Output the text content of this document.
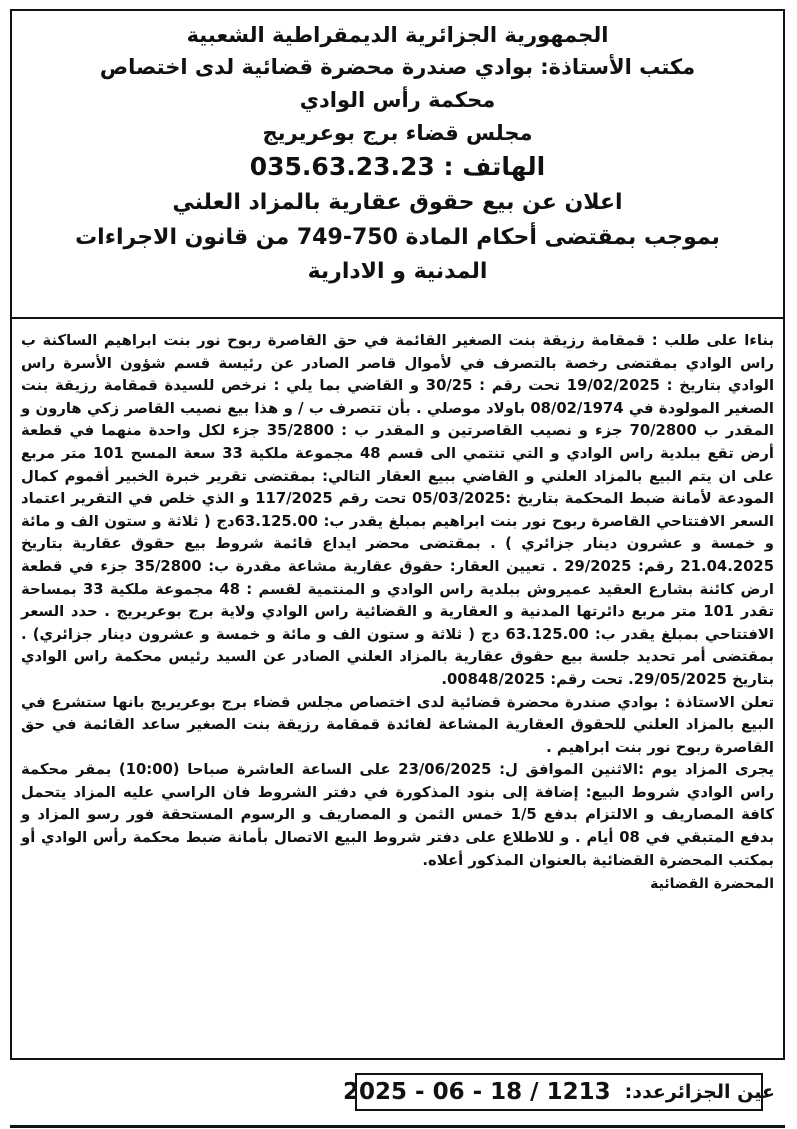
الجمهورية الجزائرية الديمقراطية الشعبية
مكتب الأستاذة: بوادي صندرة محضرة قضائية لدى اختصاص
محكمة رأس الوادي
مجلس قضاء برج بوعريريج
الهاتف : 035.63.23.23
اعلان عن بيع حقوق عقارية بالمزاد العلني
بموجب بمقتضى أحكام المادة 750-749 من قانون الاجراءات
المدنية و الادارية

بناءا على طلب : قمقامة رزيقة بنت الصغير القائمة في حق القاصرة ربوح نور بنت ابراهيم الساكنة ب راس الوادي بمقتضى رخصة بالتصرف في لأموال قاصر الصادر عن رئيسة قسم شؤون الأسرة راس الوادي بتاريخ : 19/02/2025 تحت رقم : 30/25 و القاضي بما يلي : نرخص للسيدة قمقامة رزيقة بنت الصغير المولودة في 08/02/1974 باولاد موصلي . بأن تتصرف ب / و هذا بيع نصيب القاصر زكي هارون و المقدر ب 70/2800 جزء و نصيب القاصرتين و المقدر ب : 35/2800 جزء لكل واحدة منهما في قطعة أرض تقع ببلدية راس الوادي و التي تنتمي الى قسم 48 مجموعة ملكية 33 سعة المسح 101 متر مربع على ان يتم البيع بالمزاد العلني و القاضي ببيع العقار التالي: بمقتضى تقرير خبرة الخبير أقموم كمال المودعة لأمانة ضبط المحكمة بتاريخ :05/03/2025 تحت رقم 117/2025 و الذي خلص في التقرير اعتماد السعر الافتتاحي القاصرة ربوح نور بنت ابراهيم بمبلغ يقدر ب: 63.125.00دج ( ثلاثة و ستون الف و مائة و خمسة و عشرون دينار جزائري ) . بمقتضى محضر ايداع قائمة شروط بيع حقوق عقارية بتاريخ 21.04.2025 رقم: 29/2025 . تعيين العقار: حقوق عقارية مشاعة مقدرة ب: 35/2800 جزء في قطعة ارض كائنة بشارع العقيد عميروش ببلدية راس الوادي و المنتمية لقسم : 48 مجموعة ملكية 33 بمساحة تقدر 101 متر مربع دائرتها المدنية و العقارية و القضائية راس الوادي ولاية برج بوعريريج . حدد السعر الافتتاحي بمبلغ يقدر ب: 63.125.00 دج ( ثلاثة و ستون الف و مائة و خمسة و عشرون دينار جزائري) . بمقتضى أمر تحديد جلسة بيع حقوق عقارية بالمزاد العلني الصادر عن السيد رئيس محكمة راس الوادي بتاريخ 29/05/2025. تحت رقم: 00848/2025.

تعلن الاستاذة : بوادي صندرة محضرة قضائية لدى اختصاص مجلس قضاء برج بوعريريج بانها ستشرع في البيع بالمزاد العلني للحقوق العقارية المشاعة لفائدة قمقامة رزيقة بنت الصغير ساعد القائمة في حق القاصرة ربوح نور بنت ابراهيم .

يجرى المزاد يوم :الاثنين الموافق ل: 23/06/2025 على الساعة العاشرة صباحا (10:00) بمقر محكمة راس الوادي شروط البيع: إضافة إلى بنود المذكورة في دفتر الشروط فان الراسي عليه المزاد يتحمل كافة المصاريف و الالتزام بدفع 1/5 خمس الثمن و المصاريف و الرسوم المستحقة فور رسو المزاد و بدفع المتبقي في 08 أيام . و للاطلاع على دفتر شروط البيع الاتصال بأمانة ضبط محكمة رأس الوادي أو بمكتب المحضرة القضائية بالعنوان المذكور أعلاه.

المحضرة القضائية
عين الجزائرعدد:
2025 - 06 - 18 / 1213
